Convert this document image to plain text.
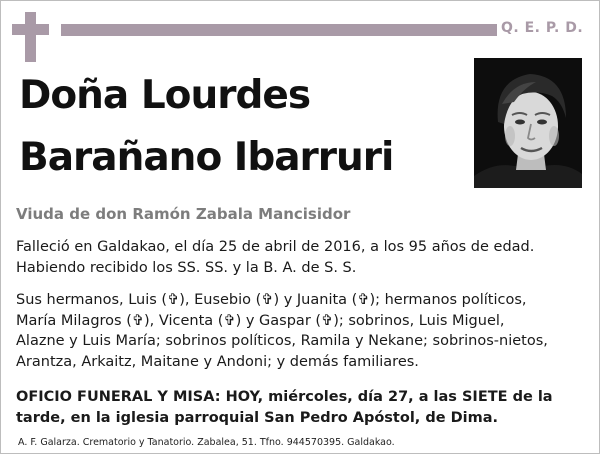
Q. E. P. D.
Doña Lourdes
Barañano Ibarruri
Viuda de don Ramón Zabala Mancisidor
Falleció en Galdakao, el día 25 de abril de 2016, a los 95 años de edad.
Habiendo recibido los SS. SS. y la B. A. de S. S.
Sus hermanos, Luis (✞), Eusebio (✞) y Juanita (✞); hermanos políticos,
María Milagros (✞), Vicenta (✞) y Gaspar (✞); sobrinos, Luis Miguel,
Alazne y Luis María; sobrinos políticos, Ramila y Nekane; sobrinos-nietos,
Arantza, Arkaitz, Maitane y Andoni; y demás familiares.
OFICIO FUNERAL Y MISA: HOY, miércoles, día 27, a las SIETE de la
tarde, en la iglesia parroquial San Pedro Apóstol, de Dima.
A. F. Galarza. Crematorio y Tanatorio. Zabalea, 51. Tfno. 944570395. Galdakao.
